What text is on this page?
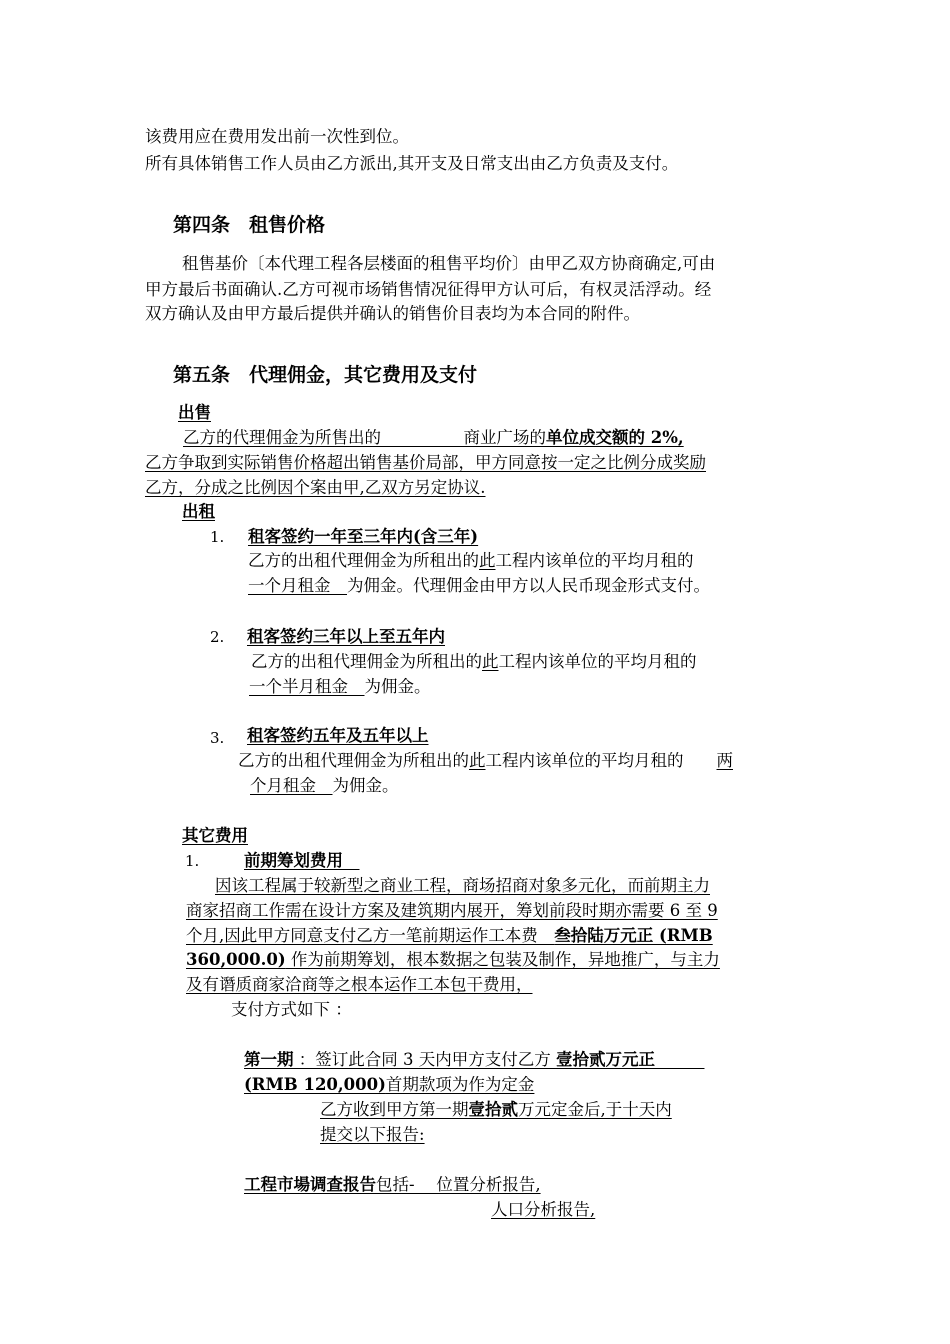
该费用应在费用发出前一次性到位。
所有具体销售工作人员由乙方派出,其开支及日常支出由乙方负责及支付。
第四条　租售价格
租售基价〔本代理工程各层楼面的租售平均价〕由甲乙双方协商确定,可由
甲方最后书面确认.乙方可视市场销售情况征得甲方认可后，有权灵活浮动。经
双方确认及由甲方最后提供并确认的销售价目表均为本合同的附件。
第五条　代理佣金，其它费用及支付
出售
乙方的代理佣金为所售出的　　　　　商业广场的单位成交额的 2%,
乙方争取到实际销售价格超出销售基价局部，甲方同意按一定之比例分成奖励
乙方，分成之比例因个案由甲,乙双方另定协议.
出租
1. 租客签约一年至三年内(含三年)
乙方的出租代理佣金为所租出的此工程内该单位的平均月租的
一个月租金　为佣金。代理佣金由甲方以人民币现金形式支付。
2. 租客签约三年以上至五年内
乙方的出租代理佣金为所租出的此工程内该单位的平均月租的
一个半月租金　为佣金。
3. 租客签约五年及五年以上
乙方的出租代理佣金为所租出的此工程内该单位的平均月租的　　两
个月租金　为佣金。
其它费用
1.	前期筹划费用　
因该工程属于较新型之商业工程，商场招商对象多元化，而前期主力
商家招商工作需在设计方案及建筑期内展开，筹划前段时期亦需要 6 至 9
个月,因此甲方同意支付乙方一笔前期运作工本费　叁拾陆万元正 (RMB
360,000.0) 作为前期筹划，根本数据之包装及制作，异地推广，与主力
及有谮质商家洽商等之根本运作工本包干费用，
支付方式如下 ：
第一期 ：签订此合同 3 天内甲方支付乙方 壹拾贰万元正　　　
(RMB 120,000)首期款项为作为定金
乙方收到甲方第一期壹拾贰万元定金后,于十天内
提交以下报告:
工程市場调查报告包括-　 位置分析报告,
人口分析报告,
